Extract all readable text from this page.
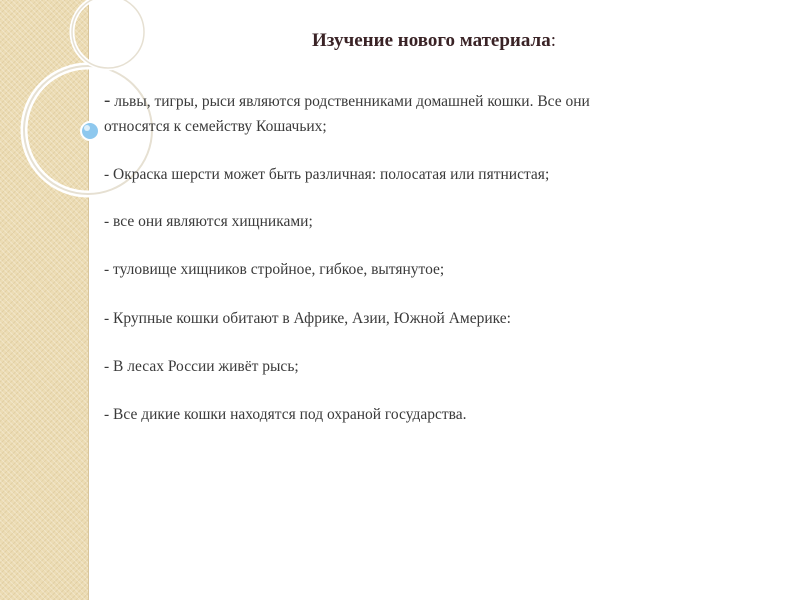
Изучение нового материала:

- львы, тигры, рыси являются родственниками домашней кошки. Все они

относятся к семейству Кошачьих;

- Окраска шерсти может быть различная: полосатая или пятнистая;

- все они являются хищниками;

- туловище хищников стройное, гибкое, вытянутое;

- Крупные кошки обитают в Африке, Азии, Южной Америке:

- В лесах России живёт рысь;

- Все дикие кошки находятся под охраной государства.
